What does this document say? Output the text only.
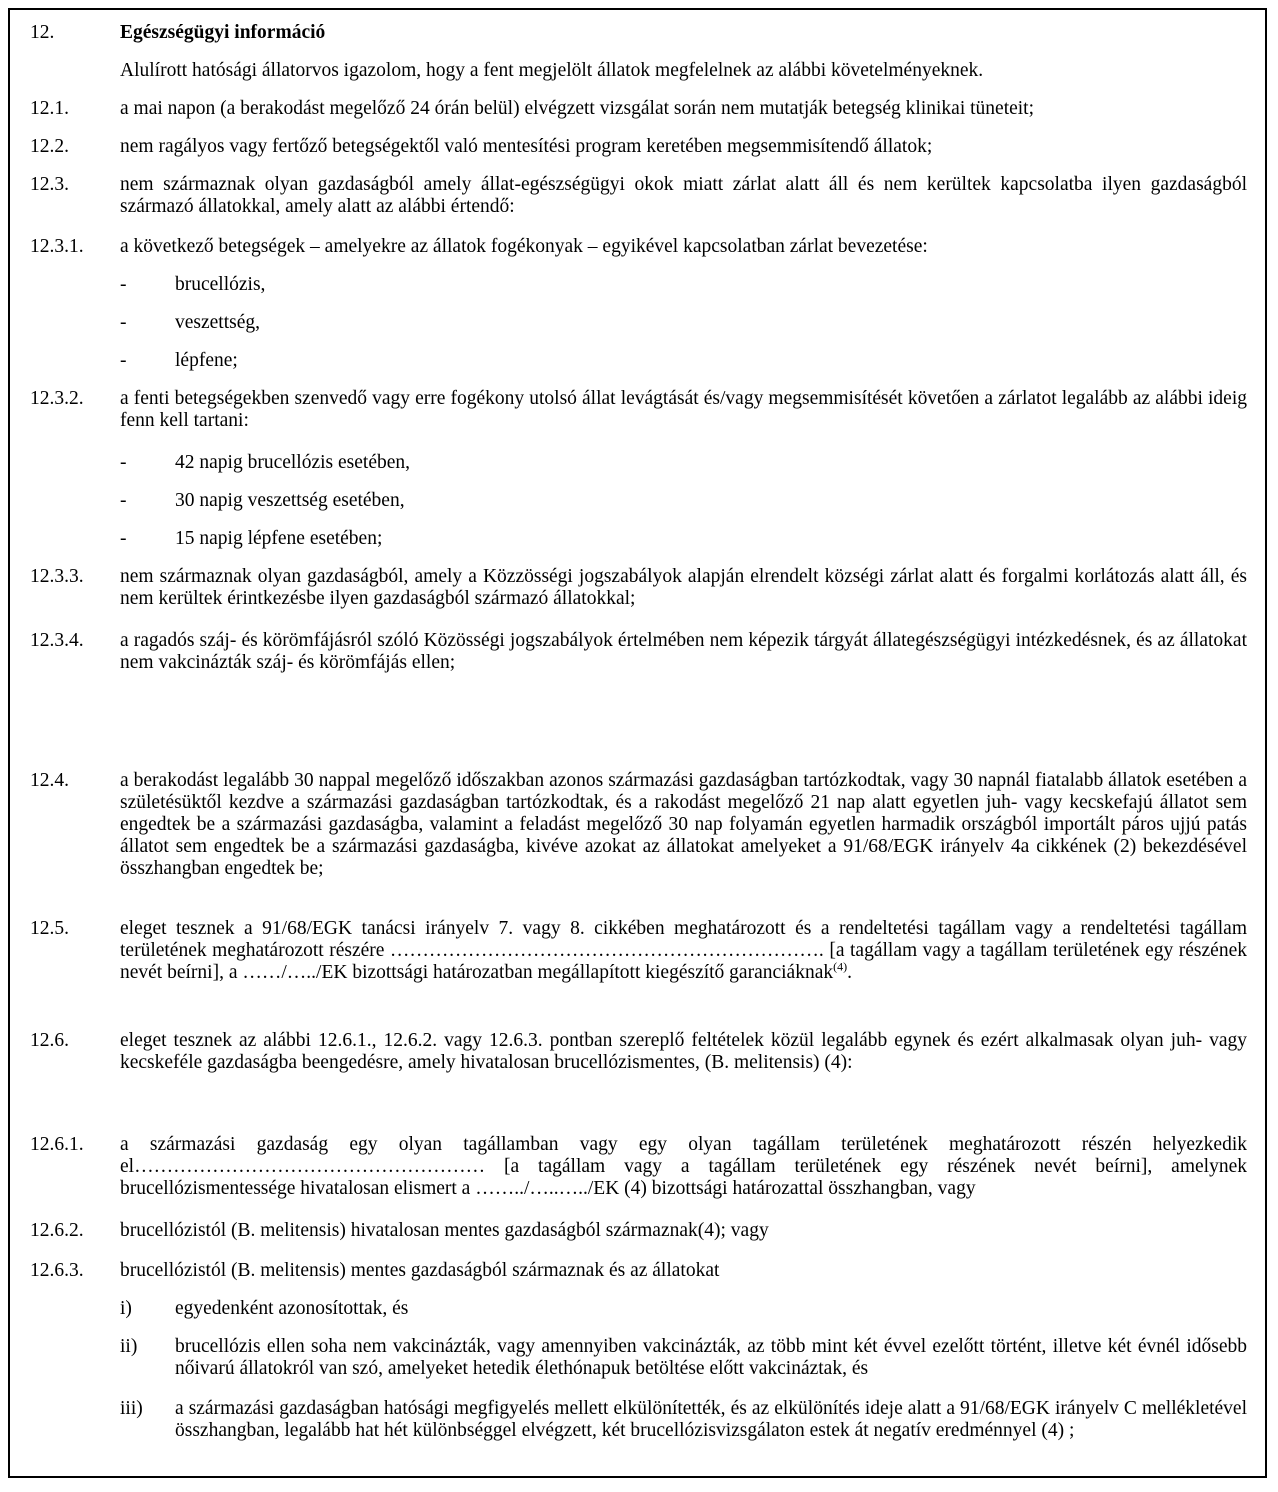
12.	Egészségügyi információ
Alulírott hatósági állatorvos igazolom, hogy a fent megjelölt állatok megfelelnek az alábbi követelményeknek.
12.1.	a mai napon (a berakodást megelőző 24 órán belül) elvégzett vizsgálat során nem mutatják betegség klinikai tüneteit;
12.2.	nem ragályos vagy fertőző betegségektől való mentesítési program keretében megsemmisítendő állatok;
12.3.	nem származnak olyan gazdaságból amely állat-egészségügyi okok miatt zárlat alatt áll és nem kerültek kapcsolatba ilyen gazdaságból származó állatokkal, amely alatt az alábbi értendő:
12.3.1. a következő betegségek – amelyekre az állatok fogékonyak – egyikével kapcsolatban zárlat bevezetése:
- brucellózis,
- veszettség,
- lépfene;
12.3.2. a fenti betegségekben szenvedő vagy erre fogékony utolsó állat levágtását és/vagy megsemmisítését követően a zárlatot legalább az alábbi ideig fenn kell tartani:
- 42 napig brucellózis esetében,
- 30 napig veszettség esetében,
- 15 napig lépfene esetében;
12.3.3. nem származnak olyan gazdaságból, amely a Közzösségi jogszabályok alapján elrendelt községi zárlat alatt és forgalmi korlátozás alatt áll, és nem kerültek érintkezésbe ilyen gazdaságból származó állatokkal;
12.3.4. a ragadós száj- és körömfájásról szóló Közösségi jogszabályok értelmében nem képezik tárgyát állategészségügyi intézkedésnek, és az állatokat nem vakcinázták száj- és körömfájás ellen;
12.4.	a berakodást legalább 30 nappal megelőző időszakban azonos származási gazdaságban tartózkodtak, vagy 30 napnál fiatalabb állatok esetében a születésüktől kezdve a származási gazdaságban tartózkodtak, és a rakodást megelőző 21 nap alatt egyetlen juh- vagy kecskefajú állatot sem engedtek be a származási gazdaságba, valamint a feladást megelőző 30 nap folyamán egyetlen harmadik országból importált páros ujjú patás állatot sem engedtek be a származási gazdaságba, kivéve azokat az állatokat amelyeket a 91/68/EGK irányelv 4a cikkének (2) bekezdésével összhangban engedtek be;
12.5.	eleget tesznek a 91/68/EGK tanácsi irányelv 7. vagy 8. cikkében meghatározott és a rendeltetési tagállam vagy a rendeltetési tagállam területének meghatározott részére …………………………………………………………. [a tagállam vagy a tagállam területének egy részének nevét beírni], a ……/…../EK bizottsági határozatban megállapított kiegészítő garanciáknak$^{(4)}$.
12.6.	eleget tesznek az alábbi 12.6.1., 12.6.2. vagy 12.6.3. pontban szereplő feltételek közül legalább egynek és ezért alkalmasak olyan juh- vagy kecskeféle gazdaságba beengedésre, amely hivatalosan brucellózismentes, (B. melitensis) (4):
12.6.1. a származási gazdaság egy olyan tagállamban vagy egy olyan tagállam területének meghatározott részén helyezkedik el……………………………………………… [a tagállam vagy a tagállam területének egy részének nevét beírni], amelynek brucellózismentessége hivatalosan elismert a ……../…..…../EK (4) bizottsági határozattal összhangban, vagy
12.6.2. brucellózistól (B. melitensis) hivatalosan mentes gazdaságból származnak(4); vagy
12.6.3. brucellózistól (B. melitensis) mentes gazdaságból származnak és az állatokat
i) egyedenként azonosítottak, és
ii) brucellózis ellen soha nem vakcinázták, vagy amennyiben vakcinázták, az több mint két évvel ezelőtt történt, illetve két évnél idősebb nőivarú állatokról van szó, amelyeket hetedik élethónapuk betöltése előtt vakcináztak, és
iii) a származási gazdaságban hatósági megfigyelés mellett elkülönítették, és az elkülönítés ideje alatt a 91/68/EGK irányelv C mellékletével összhangban, legalább hat hét különbséggel elvégzett, két brucellózisvizsgálaton estek át negatív eredménnyel (4) ;
